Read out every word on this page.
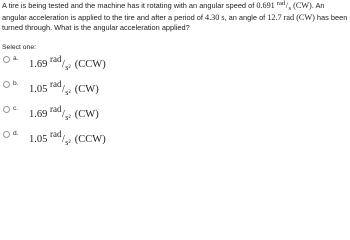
A tire is being tested and the machine has it rotating with an angular speed of 0.691 $^{rad}/_s$ (CW). An angular acceleration is applied to the tire and after a period of 4.30 s, an angle of 12.7 rad (CW) has been turned through. What is the angular acceleration applied?
Select one:
a.
1.69 rad/$_{s^2}$ (CCW)
b.
1.05 rad/$_{s^2}$ (CW)
c.
1.69 rad/$_{s^2}$ (CW)
d.
1.05 rad/$_{s^2}$ (CCW)
